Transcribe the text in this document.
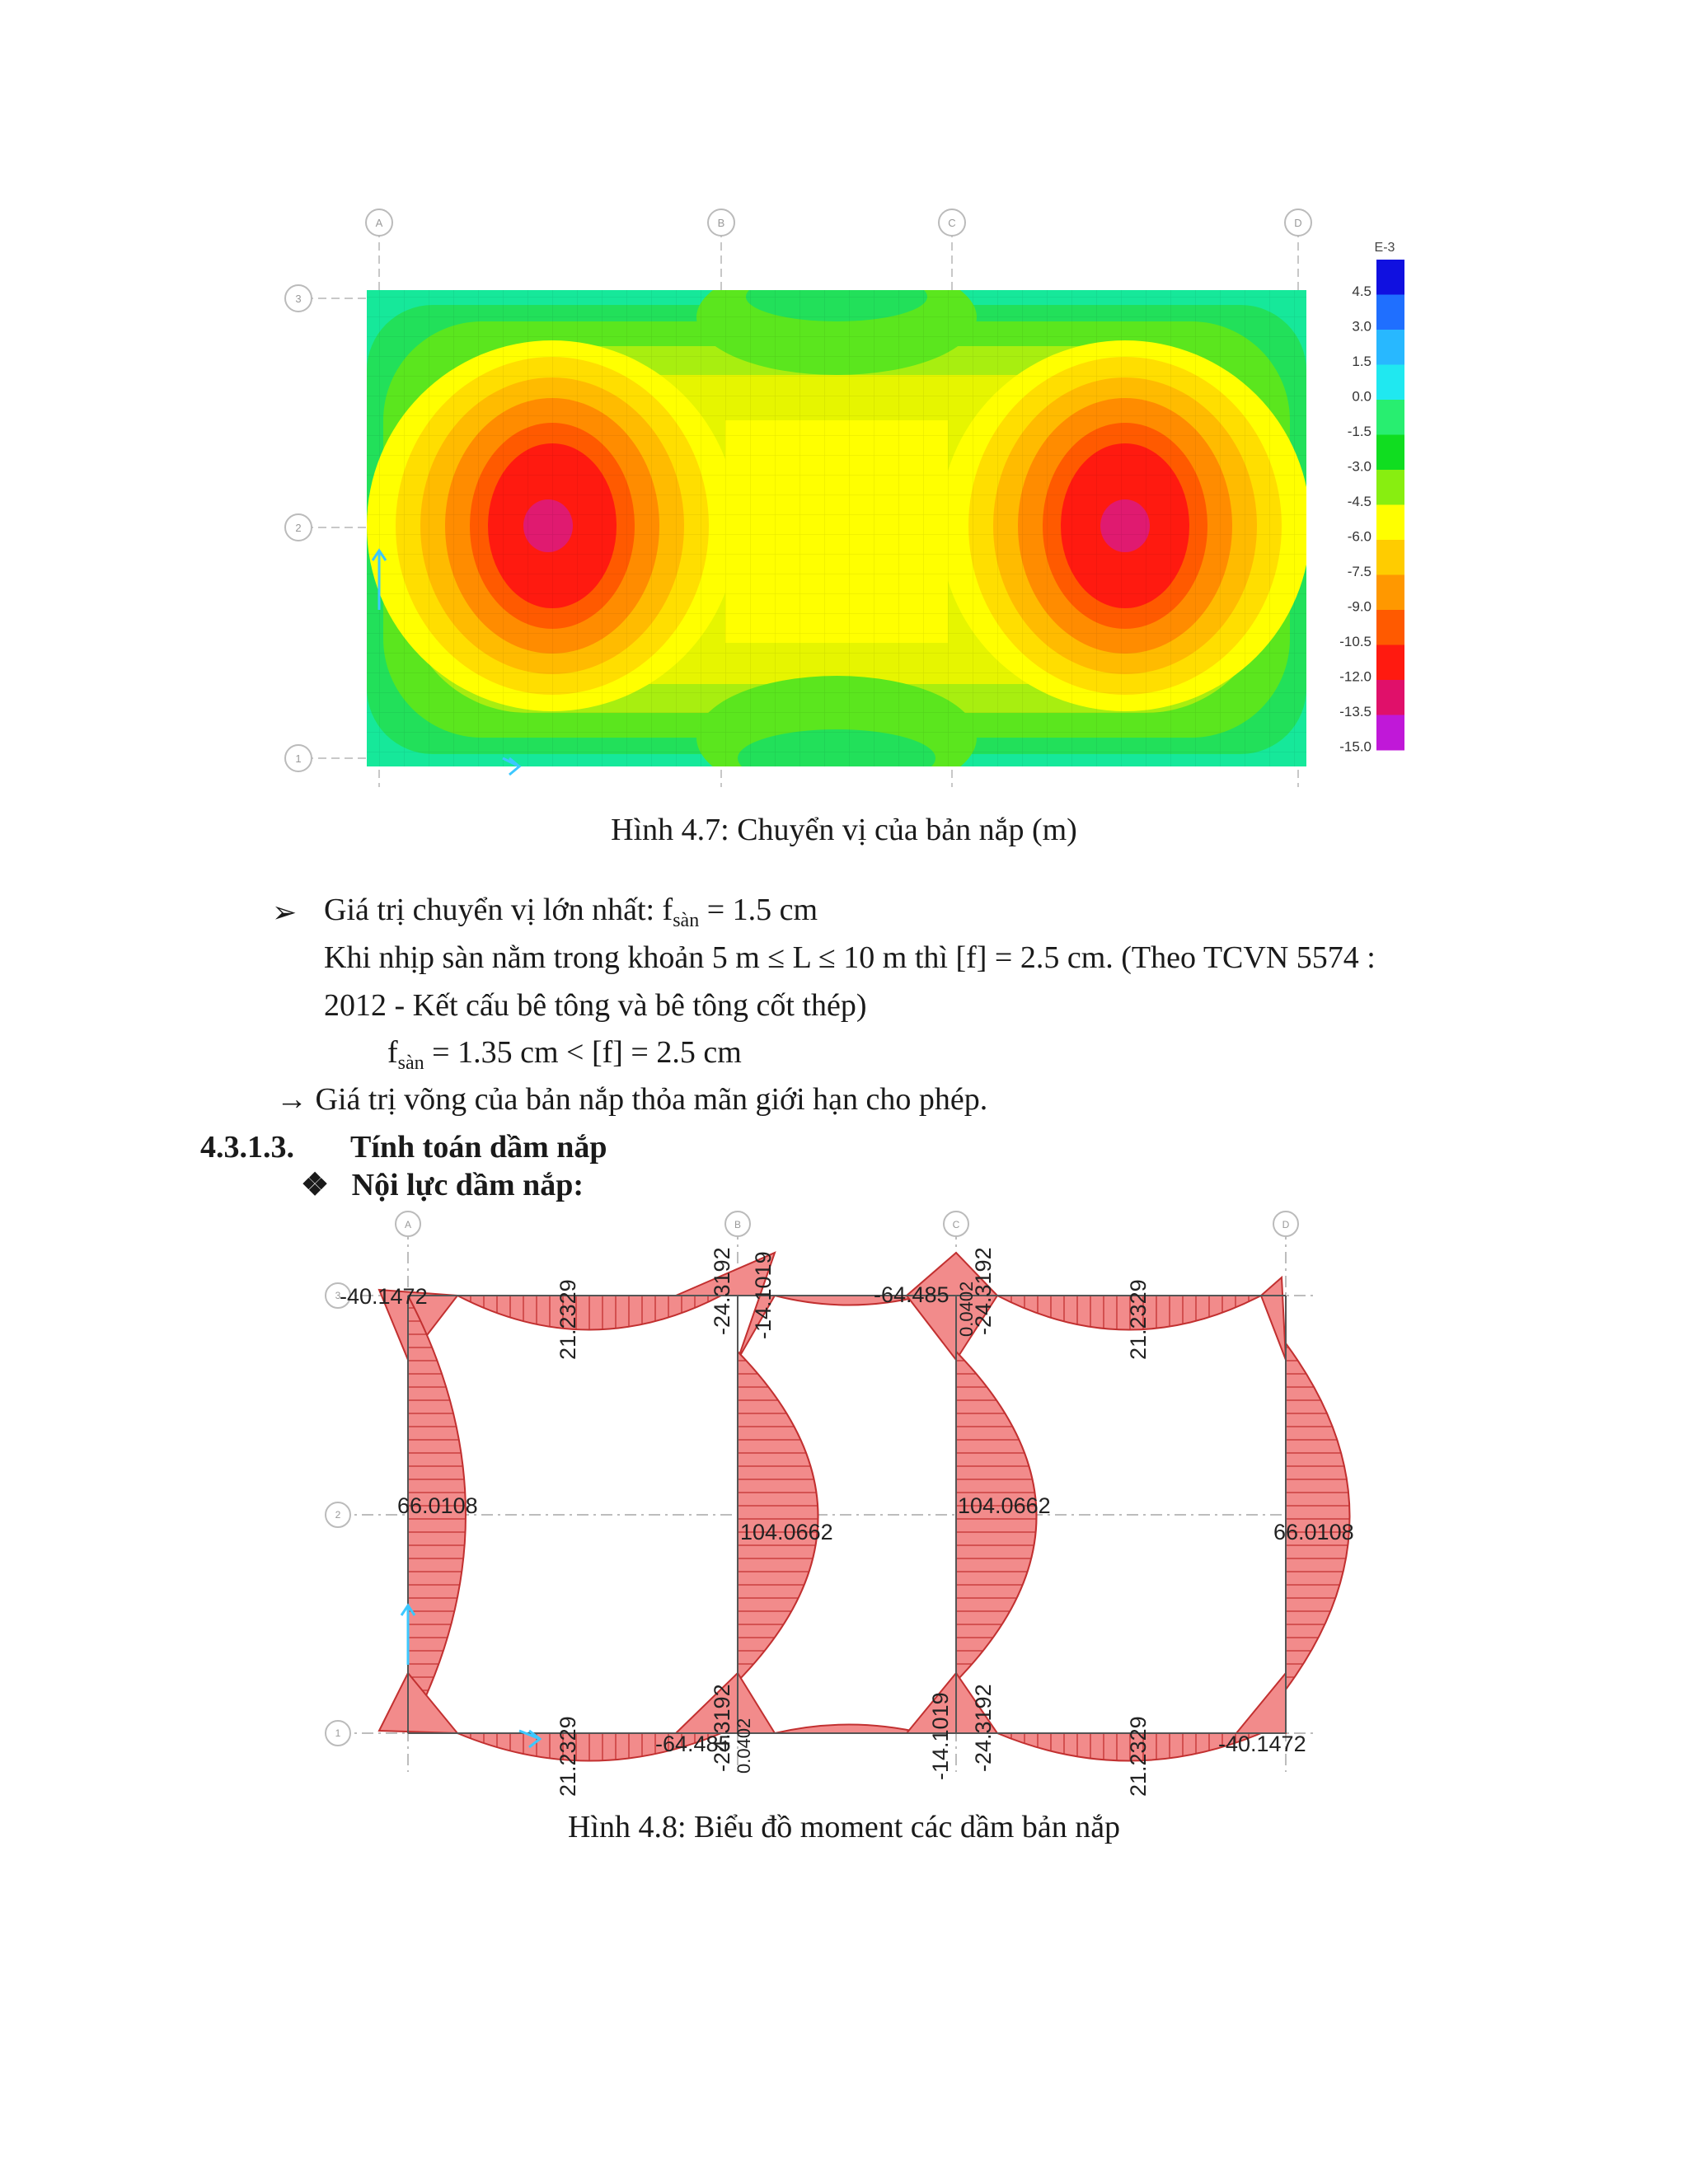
A	B	C	D
3
2
1
E-3
4.5
3.0
1.5
0.0
-1.5
-3.0
-4.5
-6.0
-7.5
-9.0
-10.5
-12.0
-13.5
-15.0
Hình 4.7: Chuyển vị của bản nắp (m)
➢ Giá trị chuyển vị lớn nhất: $f_{sàn} = 1.5$ cm
Khi nhịp sàn nằm trong khoản 5 m ≤ L ≤ 10 m thì [f] = 2.5 cm. (Theo TCVN 5574 :
2012 - Kết cấu bê tông và bê tông cốt thép)
$f_{sàn} = 1.35$ cm < [f] = 2.5 cm
→ Giá trị võng của bản nắp thỏa mãn giới hạn cho phép.
4.3.1.3. Tính toán dầm nắp
❖ Nội lực dầm nắp:
A	B	C	D
3
2
1
-40.1472	21.2329	-24.3192 -14.1019	-64.485 0.0402
-24.3192	21.2329
66.0108
104.0662
104.0662
66.0108
21.2329	-64.485
-24.3192 0.0402	-14.1019 -24.3192	21.2329	-40.1472
Hình 4.8: Biểu đồ moment các dầm bản nắp
